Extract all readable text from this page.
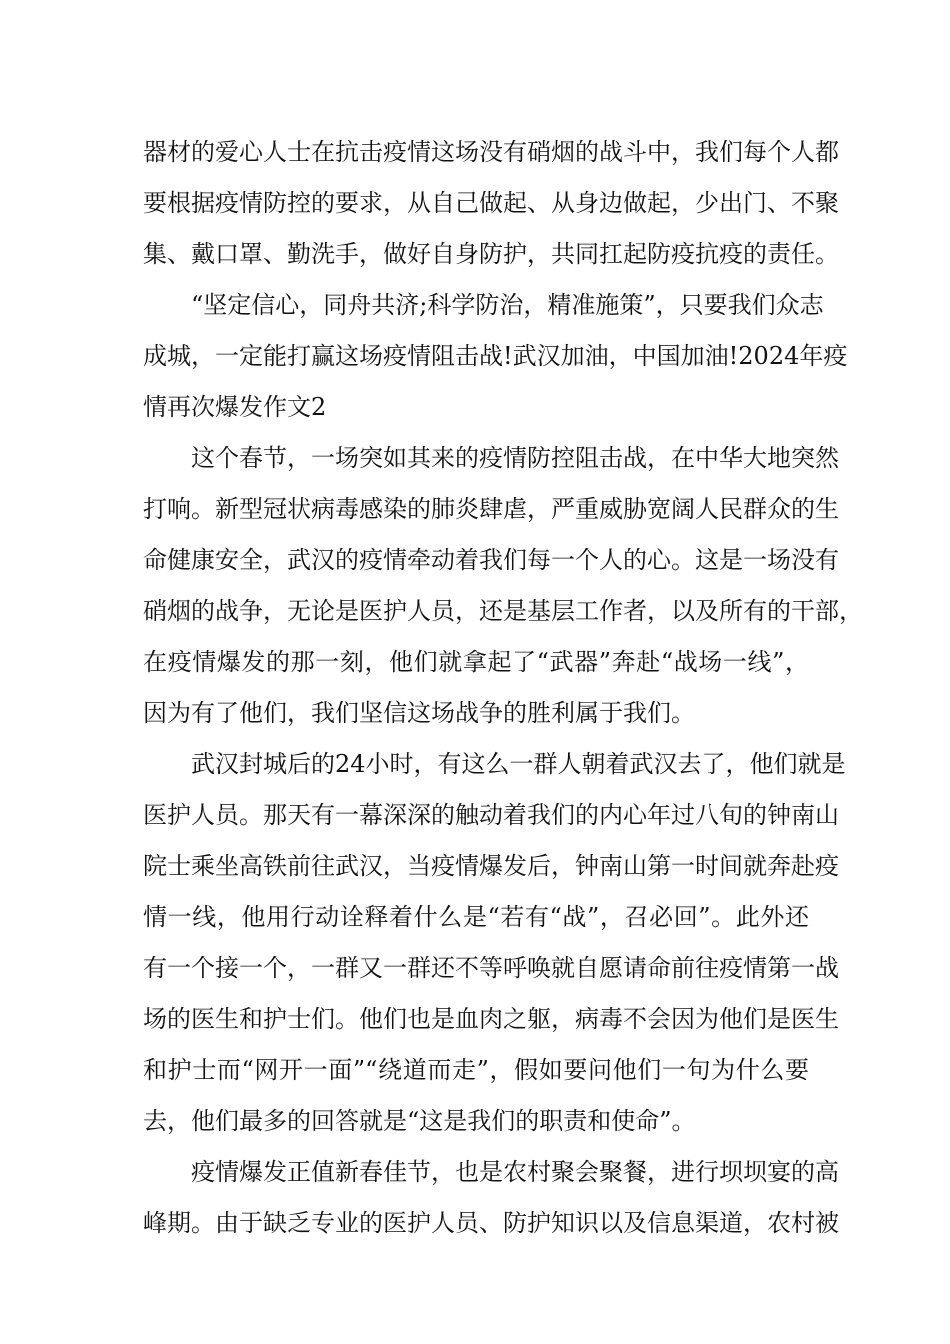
器材的爱心人士在抗击疫情这场没有硝烟的战斗中，我们每个人都
要根据疫情防控的要求，从自己做起、从身边做起，少出门、不聚
集、戴口罩、勤洗手，做好自身防护，共同扛起防疫抗疫的责任。
“坚定信心，同舟共济;科学防治，精准施策”，只要我们众志
成城，一定能打赢这场疫情阻击战!武汉加油，中国加油!2024年疫
情再次爆发作文2
这个春节，一场突如其来的疫情防控阻击战，在中华大地突然
打响。新型冠状病毒感染的肺炎肆虐，严重威胁宽阔人民群众的生
命健康安全，武汉的疫情牵动着我们每一个人的心。这是一场没有
硝烟的战争，无论是医护人员，还是基层工作者，以及所有的干部，
在疫情爆发的那一刻，他们就拿起了“武器”奔赴“战场一线”，
因为有了他们，我们坚信这场战争的胜利属于我们。
武汉封城后的24小时，有这么一群人朝着武汉去了，他们就是
医护人员。那天有一幕深深的触动着我们的内心年过八旬的钟南山
院士乘坐高铁前往武汉，当疫情爆发后，钟南山第一时间就奔赴疫
情一线，他用行动诠释着什么是“若有“战”，召必回”。此外还
有一个接一个，一群又一群还不等呼唤就自愿请命前往疫情第一战
场的医生和护士们。他们也是血肉之躯，病毒不会因为他们是医生
和护士而“网开一面”“绕道而走”，假如要问他们一句为什么要
去，他们最多的回答就是“这是我们的职责和使命”。
疫情爆发正值新春佳节，也是农村聚会聚餐，进行坝坝宴的高
峰期。由于缺乏专业的医护人员、防护知识以及信息渠道，农村被
